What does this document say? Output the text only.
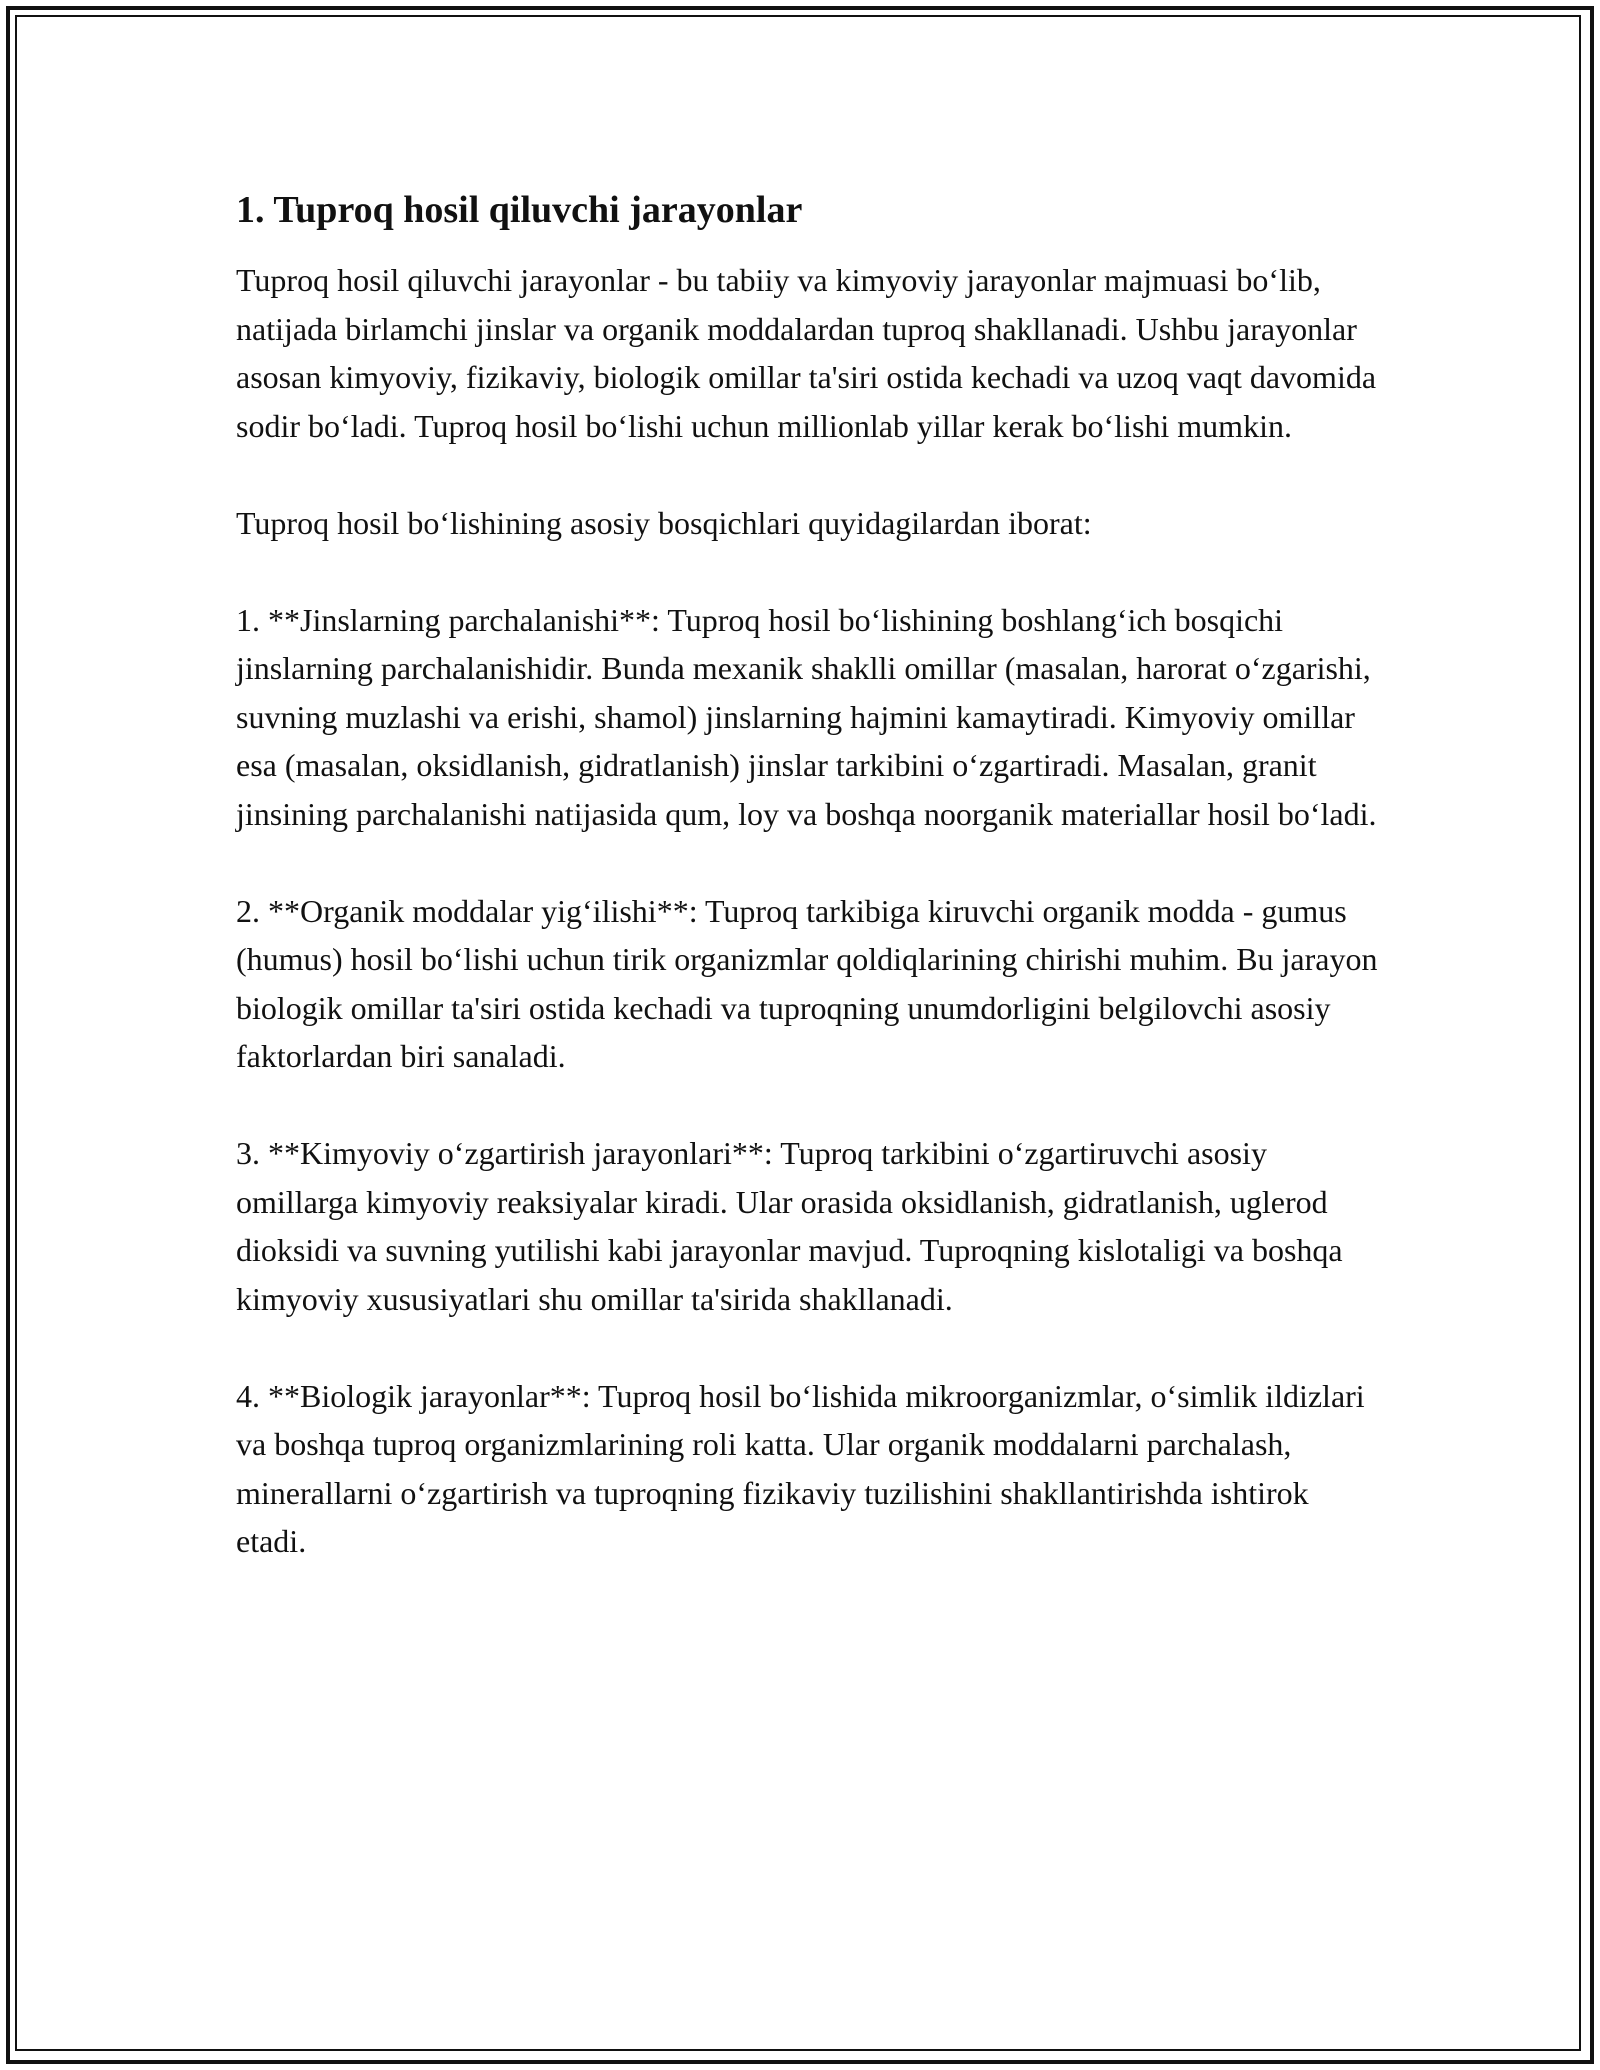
1. Tuproq hosil qiluvchi jarayonlar

Tuproq hosil qiluvchi jarayonlar - bu tabiiy va kimyoviy jarayonlar majmuasi bo‘lib, natijada birlamchi jinslar va organik moddalardan tuproq shakllanadi. Ushbu jarayonlar asosan kimyoviy, fizikaviy, biologik omillar ta'siri ostida kechadi va uzoq vaqt davomida sodir bo‘ladi. Tuproq hosil bo‘lishi uchun millionlab yillar kerak bo‘lishi mumkin.

Tuproq hosil bo‘lishining asosiy bosqichlari quyidagilardan iborat:

1. **Jinslarning parchalanishi**: Tuproq hosil bo‘lishining boshlang‘ich bosqichi jinslarning parchalanishidir. Bunda mexanik shaklli omillar (masalan, harorat o‘zgarishi, suvning muzlashi va erishi, shamol) jinslarning hajmini kamaytiradi. Kimyoviy omillar esa (masalan, oksidlanish, gidratlanish) jinslar tarkibini o‘zgartiradi. Masalan, granit jinsining parchalanishi natijasida qum, loy va boshqa noorganik materiallar hosil bo‘ladi.

2. **Organik moddalar yig‘ilishi**: Tuproq tarkibiga kiruvchi organik modda - gumus (humus) hosil bo‘lishi uchun tirik organizmlar qoldiqlarining chirishi muhim. Bu jarayon biologik omillar ta'siri ostida kechadi va tuproqning unumdorligini belgilovchi asosiy faktorlardan biri sanaladi.

3. **Kimyoviy o‘zgartirish jarayonlari**: Tuproq tarkibini o‘zgartiruvchi asosiy omillarga kimyoviy reaksiyalar kiradi. Ular orasida oksidlanish, gidratlanish, uglerod dioksidi va suvning yutilishi kabi jarayonlar mavjud. Tuproqning kislotaligi va boshqa kimyoviy xususiyatlari shu omillar ta'sirida shakllanadi.

4. **Biologik jarayonlar**: Tuproq hosil bo‘lishida mikroorganizmlar, o‘simlik ildizlari va boshqa tuproq organizmlarining roli katta. Ular organik moddalarni parchalash, minerallarni o‘zgartirish va tuproqning fizikaviy tuzilishini shakllantirishda ishtirok etadi.
